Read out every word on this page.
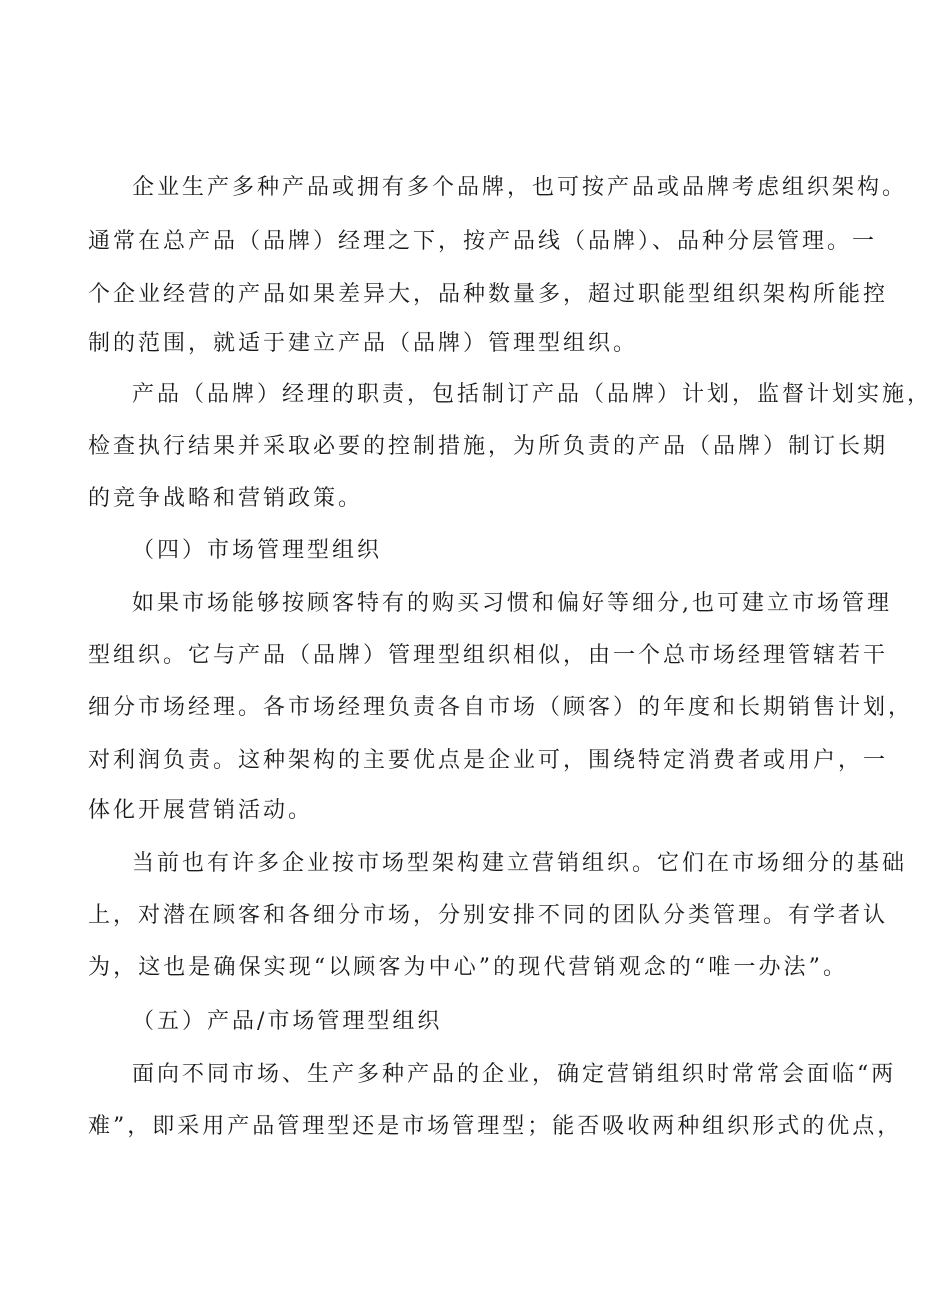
企业生产多种产品或拥有多个品牌，也可按产品或品牌考虑组织架构。
通常在总产品（品牌）经理之下，按产品线（品牌）、品种分层管理。一
个企业经营的产品如果差异大，品种数量多，超过职能型组织架构所能控
制的范围，就适于建立产品（品牌）管理型组织。
产品（品牌）经理的职责，包括制订产品（品牌）计划，监督计划实施，
检查执行结果并采取必要的控制措施，为所负责的产品（品牌）制订长期
的竞争战略和营销政策。
（四）市场管理型组织
如果市场能够按顾客特有的购买习惯和偏好等细分,也可建立市场管理
型组织。它与产品（品牌）管理型组织相似，由一个总市场经理管辖若干
细分市场经理。各市场经理负责各自市场（顾客）的年度和长期销售计划，
对利润负责。这种架构的主要优点是企业可，围绕特定消费者或用户，一
体化开展营销活动。
当前也有许多企业按市场型架构建立营销组织。它们在市场细分的基础
上，对潜在顾客和各细分市场，分别安排不同的团队分类管理。有学者认
为，这也是确保实现“以顾客为中心”的现代营销观念的“唯一办法”。
（五）产品/市场管理型组织
面向不同市场、生产多种产品的企业，确定营销组织时常常会面临“两
难”，即采用产品管理型还是市场管理型；能否吸收两种组织形式的优点，
